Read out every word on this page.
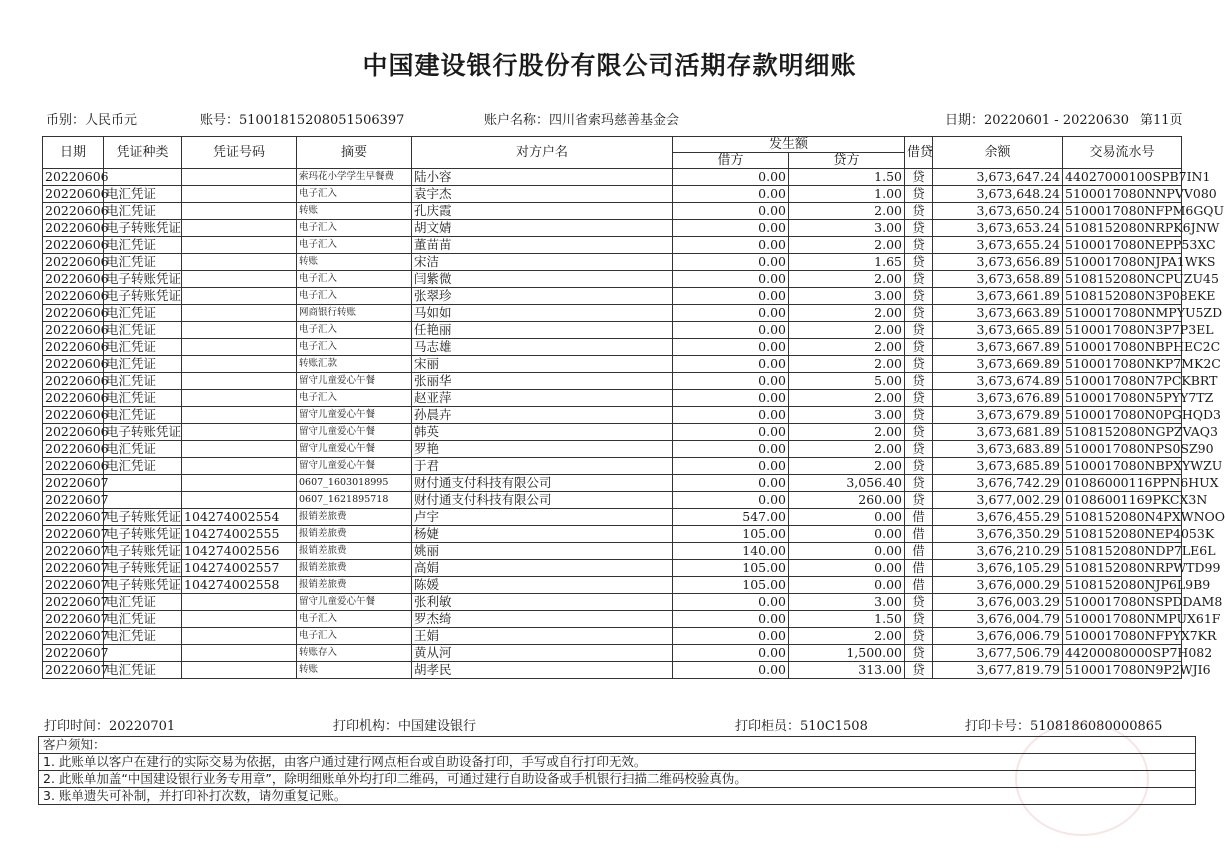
中国建设银行股份有限公司活期存款明细账
币别：人民币元	账号：51001815208051506397	账户名称：四川省索玛慈善基金会	日期：20220601 - 20220630 第11页
日期	凭证种类	凭证号码	摘要	对方户名	发生额		借贷	余额	交易流水号
					借方	贷方			
20220606			索玛花小学学生早餐费	陆小容	0.00	1.50	贷	3,673,647.24	44027000100SPB7IN1
20220606	电汇凭证		电子汇入	袁宇杰	0.00	1.00	贷	3,673,648.24	5100017080NNPVV080
20220606	电汇凭证		转账	孔庆霞	0.00	2.00	贷	3,673,650.24	5100017080NFPM6GQU
20220606	电子转账凭证		电子汇入	胡文婧	0.00	3.00	贷	3,673,653.24	5108152080NRPK6JNW
20220606	电汇凭证		电子汇入	董苗苗	0.00	2.00	贷	3,673,655.24	5100017080NEPP53XC
20220606	电汇凭证		转账	宋洁	0.00	1.65	贷	3,673,656.89	5100017080NJPA1WKS
20220606	电子转账凭证		电子汇入	闫紫微	0.00	2.00	贷	3,673,658.89	5108152080NCPUZU45
20220606	电子转账凭证		电子汇入	张翠珍	0.00	3.00	贷	3,673,661.89	5108152080N3P08EKE
20220606	电汇凭证		网商银行转账	马如如	0.00	2.00	贷	3,673,663.89	5100017080NMPYU5ZD
20220606	电汇凭证		电子汇入	任艳丽	0.00	2.00	贷	3,673,665.89	5100017080N3P7P3EL
20220606	电汇凭证		电子汇入	马志雄	0.00	2.00	贷	3,673,667.89	5100017080NBPHEC2C
20220606	电汇凭证		转账汇款	宋丽	0.00	2.00	贷	3,673,669.89	5100017080NKP7MK2C
20220606	电汇凭证		留守儿童爱心午餐	张丽华	0.00	5.00	贷	3,673,674.89	5100017080N7PCKBRT
20220606	电汇凭证		电子汇入	赵亚萍	0.00	2.00	贷	3,673,676.89	5100017080N5PYY7TZ
20220606	电汇凭证		留守儿童爱心午餐	孙晨卉	0.00	3.00	贷	3,673,679.89	5100017080N0PGHQD3
20220606	电子转账凭证		留守儿童爱心午餐	韩英	0.00	2.00	贷	3,673,681.89	5108152080NGPZVAQ3
20220606	电汇凭证		留守儿童爱心午餐	罗艳	0.00	2.00	贷	3,673,683.89	5100017080NPS0SZ90
20220606	电汇凭证		留守儿童爱心午餐	于君	0.00	2.00	贷	3,673,685.89	5100017080NBPXYWZU
20220607			0607_1603018995	财付通支付科技有限公司	0.00	3,056.40	贷	3,676,742.29	01086000116PPN6HUX
20220607			0607_1621895718	财付通支付科技有限公司	0.00	260.00	贷	3,677,002.29	01086001169PKCX3N
20220607	电子转账凭证	104274002554	报销差旅费	卢宇	547.00	0.00	借	3,676,455.29	5108152080N4PXWNOO
20220607	电子转账凭证	104274002555	报销差旅费	杨婕	105.00	0.00	借	3,676,350.29	5108152080NEP4053K
20220607	电子转账凭证	104274002556	报销差旅费	姚丽	140.00	0.00	借	3,676,210.29	5108152080NDP7LE6L
20220607	电子转账凭证	104274002557	报销差旅费	高娟	105.00	0.00	借	3,676,105.29	5108152080NRPWTD99
20220607	电子转账凭证	104274002558	报销差旅费	陈媛	105.00	0.00	借	3,676,000.29	5108152080NJP6L9B9
20220607	电汇凭证		留守儿童爱心午餐	张利敏	0.00	3.00	贷	3,676,003.29	5100017080NSPDDAM8
20220607	电汇凭证		电子汇入	罗杰绮	0.00	1.50	贷	3,676,004.79	5100017080NMPUX61F
20220607	电汇凭证		电子汇入	王娟	0.00	2.00	贷	3,676,006.79	5100017080NFPYX7KR
20220607			转账存入	黄从河	0.00	1,500.00	贷	3,677,506.79	44200080000SP7H082
20220607	电汇凭证		转账	胡孝民	0.00	313.00	贷	3,677,819.79	5100017080N9P2WJI6
打印时间：20220701	打印机构：中国建设银行	打印柜员：510C1508	打印卡号：5108186080000865
客户须知：
1. 此账单以客户在建行的实际交易为依据，由客户通过建行网点柜台或自助设备打印，手写或自行打印无效。
2. 此账单加盖“中国建设银行业务专用章”，除明细账单外均打印二维码，可通过建行自助设备或手机银行扫描二维码校验真伪。
3. 账单遗失可补制，并打印补打次数，请勿重复记账。
